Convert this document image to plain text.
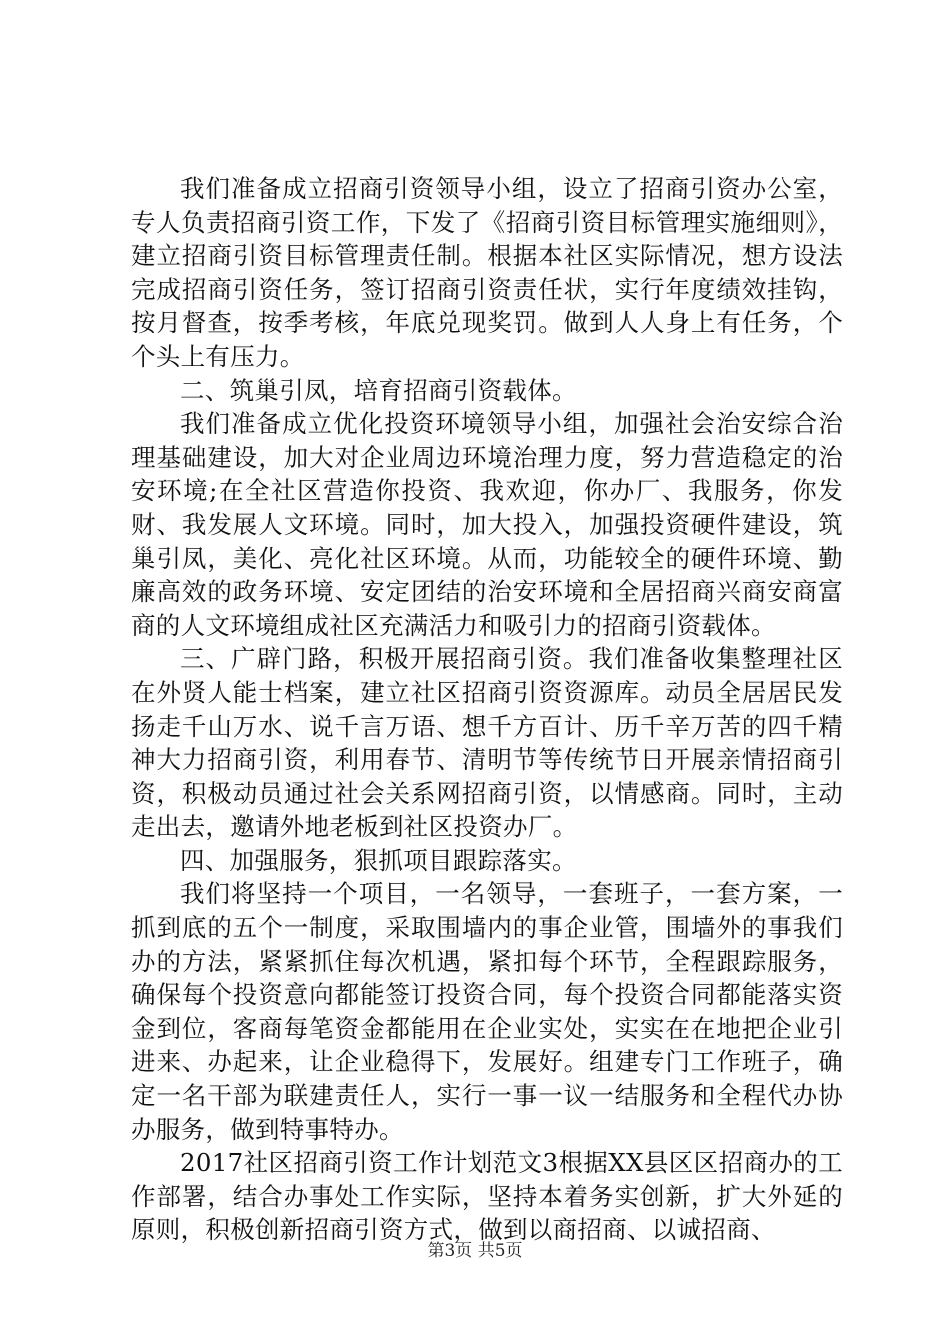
我们准备成立招商引资领导小组，设立了招商引资办公室，专人负责招商引资工作，下发了《招商引资目标管理实施细则》，建立招商引资目标管理责任制。根据本社区实际情况，想方设法完成招商引资任务，签订招商引资责任状，实行年度绩效挂钩，按月督查，按季考核，年底兑现奖罚。做到人人身上有任务，个个头上有压力。

二、筑巢引凤，培育招商引资载体。

我们准备成立优化投资环境领导小组，加强社会治安综合治理基础建设，加大对企业周边环境治理力度，努力营造稳定的治安环境;在全社区营造你投资、我欢迎，你办厂、我服务，你发财、我发展人文环境。同时，加大投入，加强投资硬件建设，筑巢引凤，美化、亮化社区环境。从而，功能较全的硬件环境、勤廉高效的政务环境、安定团结的治安环境和全居招商兴商安商富商的人文环境组成社区充满活力和吸引力的招商引资载体。

三、广辟门路，积极开展招商引资。我们准备收集整理社区在外贤人能士档案，建立社区招商引资资源库。动员全居居民发扬走千山万水、说千言万语、想千方百计、历千辛万苦的四千精神大力招商引资，利用春节、清明节等传统节日开展亲情招商引资，积极动员通过社会关系网招商引资，以情感商。同时，主动走出去，邀请外地老板到社区投资办厂。

四、加强服务，狠抓项目跟踪落实。

我们将坚持一个项目，一名领导，一套班子，一套方案，一抓到底的五个一制度，采取围墙内的事企业管，围墙外的事我们办的方法，紧紧抓住每次机遇，紧扣每个环节，全程跟踪服务，确保每个投资意向都能签订投资合同，每个投资合同都能落实资金到位，客商每笔资金都能用在企业实处，实实在在地把企业引进来、办起来，让企业稳得下，发展好。组建专门工作班子，确定一名干部为联建责任人，实行一事一议一结服务和全程代办协办服务，做到特事特办。

2017社区招商引资工作计划范文3根据XX县区区招商办的工作部署，结合办事处工作实际，坚持本着务实创新，扩大外延的原则，积极创新招商引资方式，做到以商招商、以诚招商、

第3页 共5页
